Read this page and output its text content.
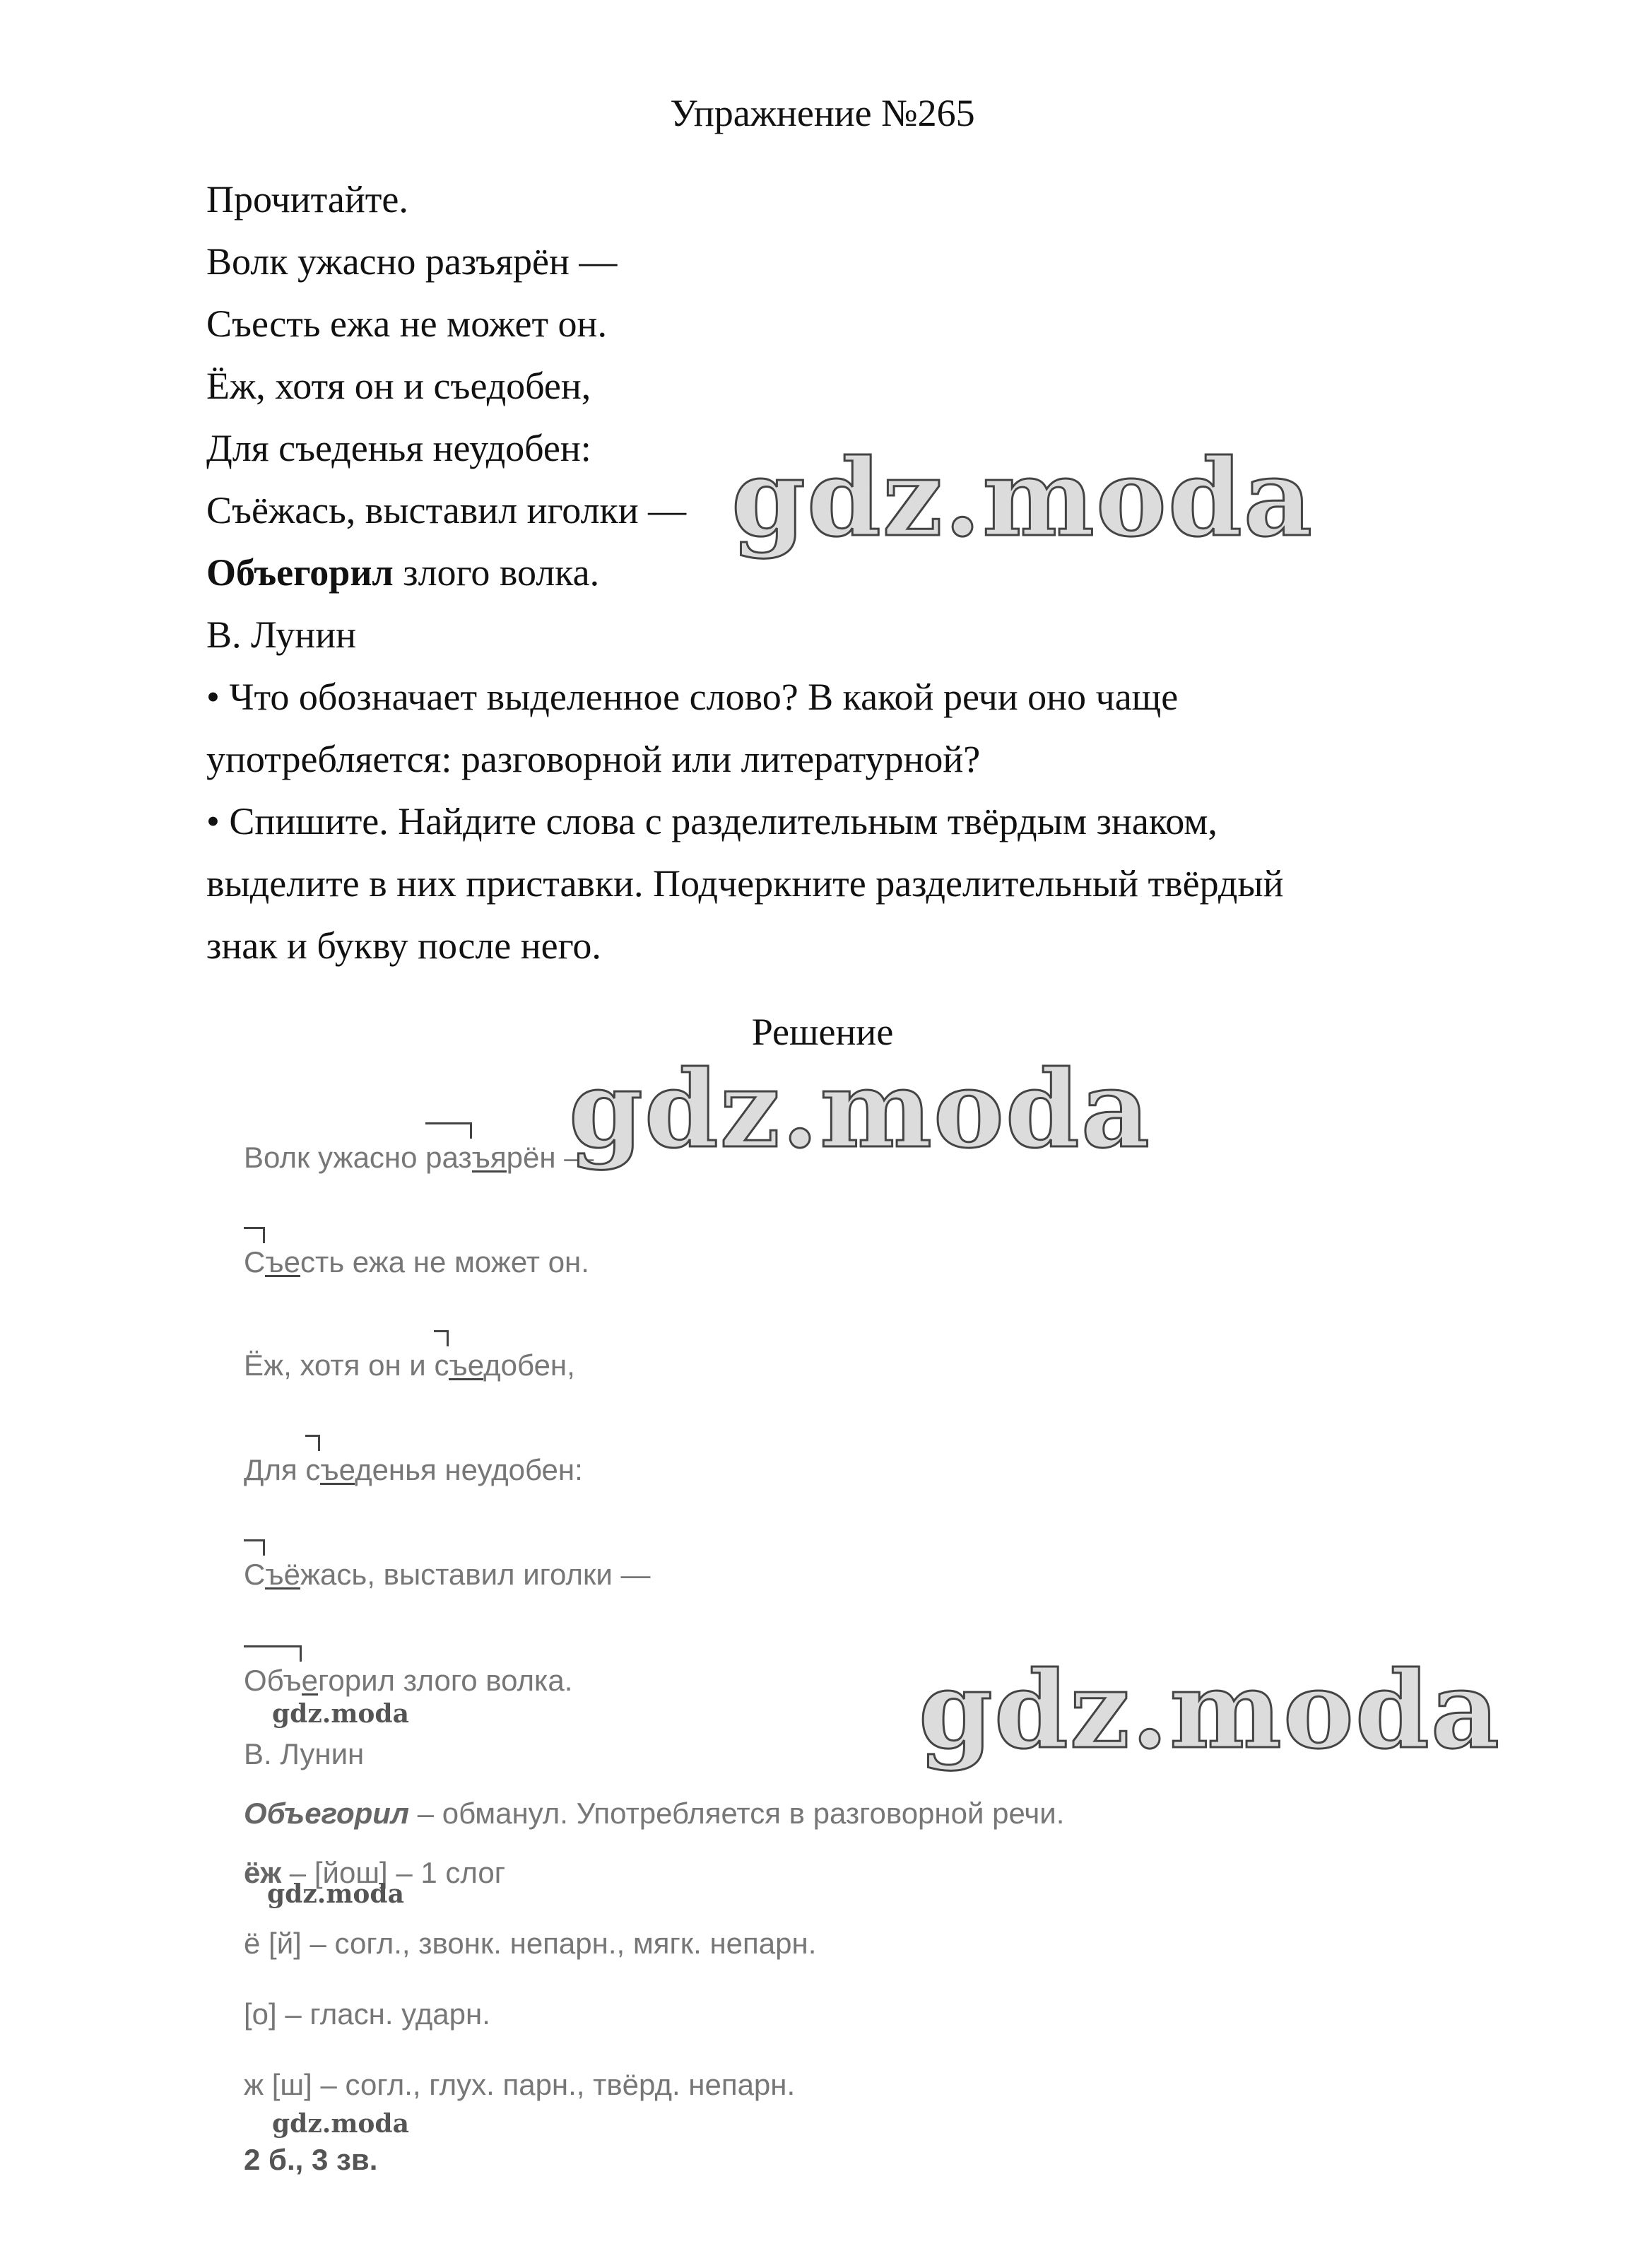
Упражнение №265
Прочитайте.
Волк ужасно разъярён —
Съесть ежа не может он.
Ёж, хотя он и съедобен,
Для съеденья неудобен:
Съёжась, выставил иголки —
Объегорил злого волка.
В. Лунин
• Что обозначает выделенное слово? В какой речи оно чаще
употребляется: разговорной или литературной?
• Спишите. Найдите слова с разделительным твёрдым знаком,
выделите в них приставки. Подчеркните разделительный твёрдый
знак и букву после него.
Решение
Волк ужасно
раз
ъярён —
С
ъесть ежа не может он.
Ёж, хотя он и
с
ъедобен,
Для
с
ъеденья неудобен:
С
ъёжась, выставил иголки —
Объ
егорил злого волка.
В. Лунин
Объегорил – обманул. Употребляется в разговорной речи.
ёж – [йош] – 1 слог
ё [й] – согл., звонк. непарн., мягк. непарн.
[о] – гласн. ударн.
ж [ш] – согл., глух. парн., твёрд. непарн.
2 б., 3 зв.
gdz.moda
gdz.moda
gdz.moda
gdz.moda
gdz.moda
gdz.moda
